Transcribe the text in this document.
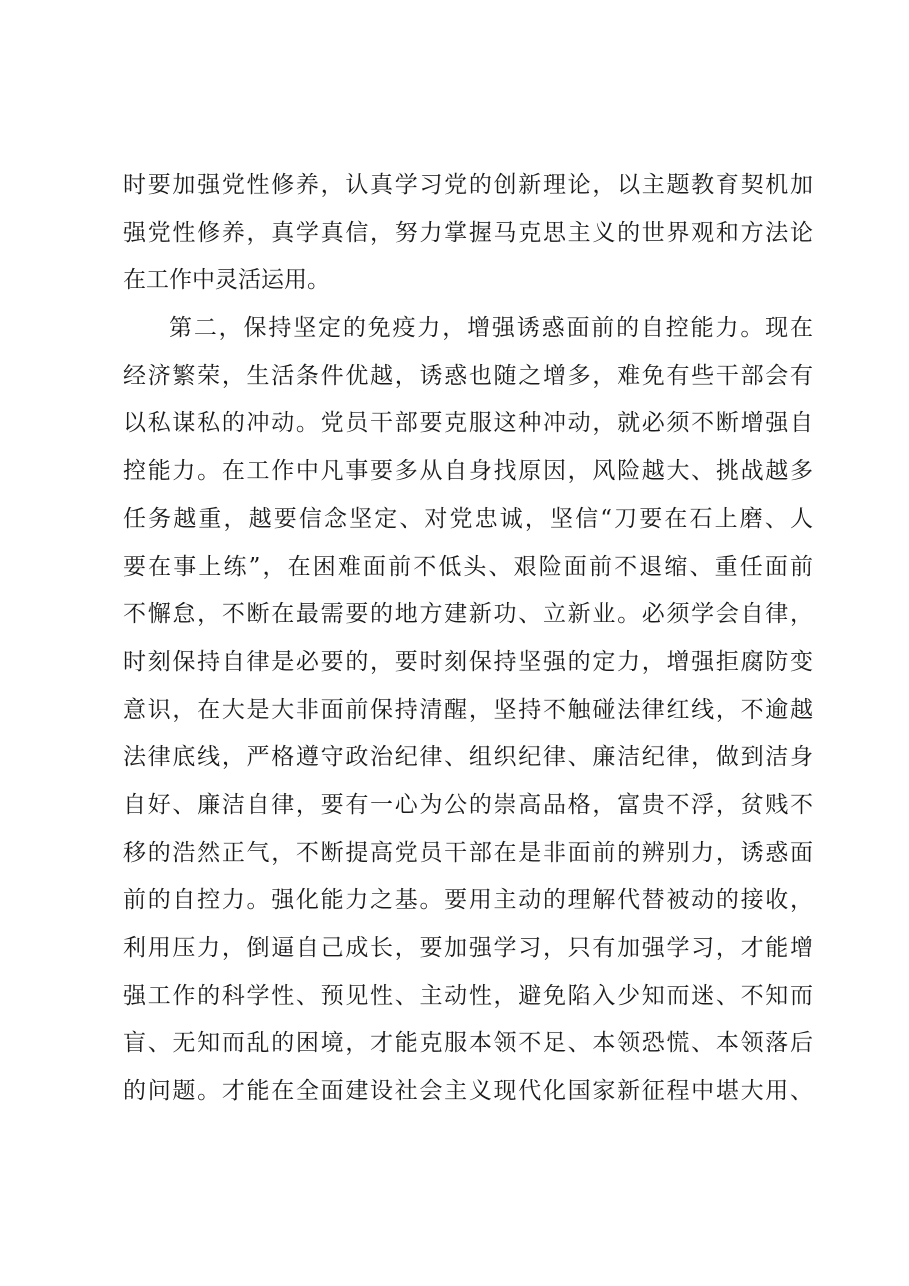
时要加强党性修养，认真学习党的创新理论，以主题教育契机加
强党性修养，真学真信，努力掌握马克思主义的世界观和方法论
在工作中灵活运用。
第二，保持坚定的免疫力，增强诱惑面前的自控能力。现在
经济繁荣，生活条件优越，诱惑也随之增多，难免有些干部会有
以私谋私的冲动。党员干部要克服这种冲动，就必须不断增强自
控能力。在工作中凡事要多从自身找原因，风险越大、挑战越多
任务越重，越要信念坚定、对党忠诚，坚信“刀要在石上磨、人
要在事上练”，在困难面前不低头、艰险面前不退缩、重任面前
不懈怠，不断在最需要的地方建新功、立新业。必须学会自律，
时刻保持自律是必要的，要时刻保持坚强的定力，增强拒腐防变
意识，在大是大非面前保持清醒，坚持不触碰法律红线，不逾越
法律底线，严格遵守政治纪律、组织纪律、廉洁纪律，做到洁身
自好、廉洁自律，要有一心为公的崇高品格，富贵不浮，贫贱不
移的浩然正气，不断提高党员干部在是非面前的辨别力，诱惑面
前的自控力。强化能力之基。要用主动的理解代替被动的接收，
利用压力，倒逼自己成长，要加强学习，只有加强学习，才能增
强工作的科学性、预见性、主动性，避免陷入少知而迷、不知而
盲、无知而乱的困境，才能克服本领不足、本领恐慌、本领落后
的问题。才能在全面建设社会主义现代化国家新征程中堪大用、
